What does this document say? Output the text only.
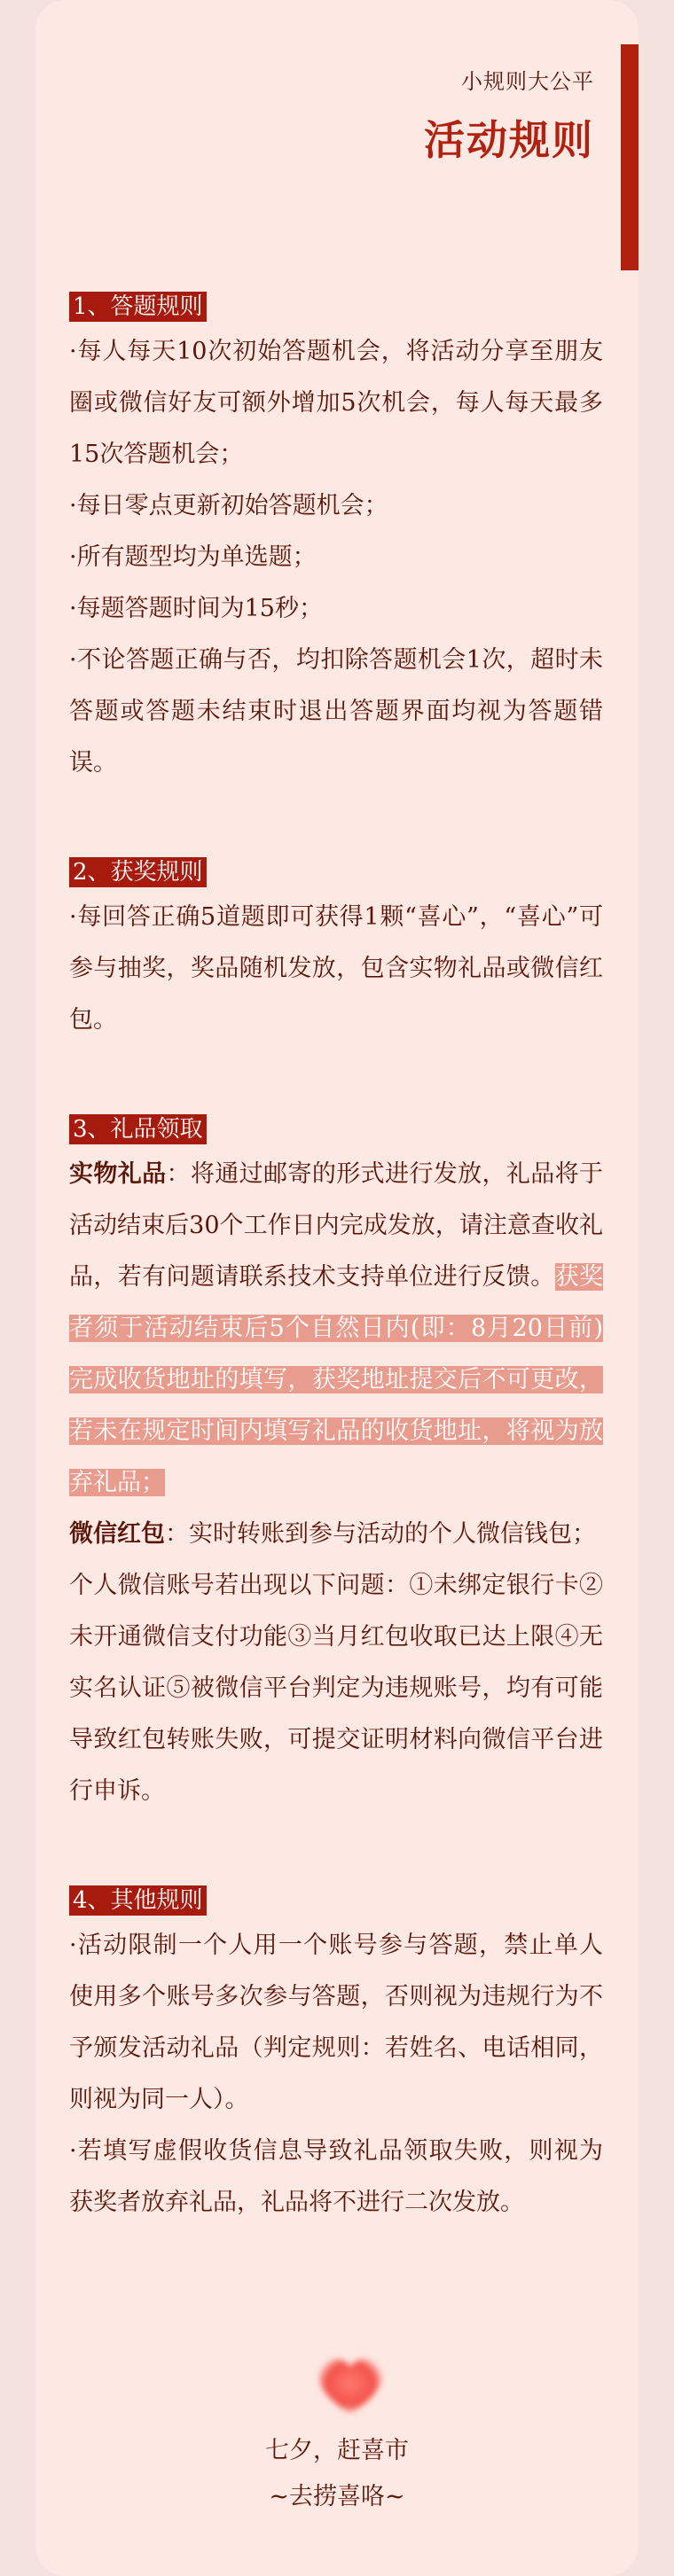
小规则大公平
活动规则
1、答题规则

·每人每天10次初始答题机会，将活动分享至朋友圈或微信好友可额外增加5次机会，每人每天最多15次答题机会；

·每日零点更新初始答题机会；

·所有题型均为单选题；

·每题答题时间为15秒；

·不论答题正确与否，均扣除答题机会1次，超时未答题或答题未结束时退出答题界面均视为答题错误。

2、获奖规则

·每回答正确5道题即可获得1颗“喜心”，“喜心”可参与抽奖，奖品随机发放，包含实物礼品或微信红包。

3、礼品领取

实物礼品：将通过邮寄的形式进行发放，礼品将于活动结束后30个工作日内完成发放，请注意查收礼品，若有问题请联系技术支持单位进行反馈。获奖者须于活动结束后5个自然日内(即：8月20日前)完成收货地址的填写，获奖地址提交后不可更改，若未在规定时间内填写礼品的收货地址，将视为放弃礼品；

微信红包：实时转账到参与活动的个人微信钱包；

个人微信账号若出现以下问题：①未绑定银行卡②未开通微信支付功能③当月红包收取已达上限④无实名认证⑤被微信平台判定为违规账号，均有可能导致红包转账失败，可提交证明材料向微信平台进行申诉。

4、其他规则

·活动限制一个人用一个账号参与答题，禁止单人使用多个账号多次参与答题，否则视为违规行为不予颁发活动礼品（判定规则：若姓名、电话相同，则视为同一人）。

·若填写虚假收货信息导致礼品领取失败，则视为获奖者放弃礼品，礼品将不进行二次发放。

七夕，赶喜市
~去捞喜咯~
